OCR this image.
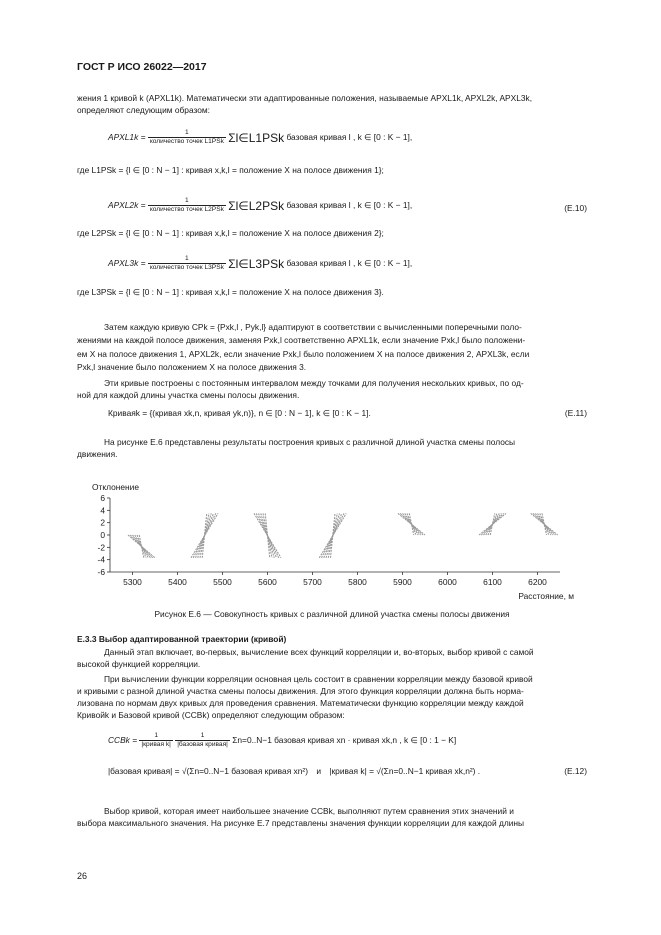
ГОСТ Р ИСО 26022—2017
жения 1 кривой k (APXL1k). Математически эти адаптированные положения, называемые APXL1k, APXL2k, APXL3k,
определяют следующим образом:
APXL1k = $\frac{1}{\text{количество точек L1PSk}}$ Σl∈L1PSk базовая кривая l , k ∈ [0 : K − 1],
где L1PSk = {l ∈ [0 : N − 1] : кривая x,k,l = положение X на полосе движения 1};
APXL2k = $\frac{1}{\text{количество точек L2PSk}}$ Σl∈L2PSk базовая кривая l , k ∈ [0 : K − 1],	(E.10)
где L2PSk = {l ∈ [0 : N − 1] : кривая x,k,l = положение X на полосе движения 2};
APXL3k = $\frac{1}{\text{количество точек L3PSk}}$ Σl∈L3PSk базовая кривая l , k ∈ [0 : K − 1],
где L3PSk = {l ∈ [0 : N − 1] : кривая x,k,l = положение X на полосе движения 3}.
Затем каждую кривую CPk = {Pxk,l , Pyk,l} адаптируют в соответствии с вычисленными поперечными поло-
жениями на каждой полосе движения, заменяя Pxk,l соответственно APXL1k, если значение Pxk,l было положени-
ем X на полосе движения 1, APXL2k, если значение Pxk,l было положением X на полосе движения 2, APXL3k, если
Pxk,l значение было положением X на полосе движения 3.
Эти кривые построены с постоянным интервалом между точками для получения нескольких кривых, по од-
ной для каждой длины участка смены полосы движения.
Криваяk = {(кривая xk,n, кривая yk,n)}, n ∈ [0 : N − 1], k ∈ [0 : K − 1].	(E.11)
На рисунке E.6 представлены результаты построения кривых с различной длиной участка смены полосы
движения.
Отклонение
6
4
2
0
-2
-4
-6
5300	5400	5500	5600	5700	5800	5900	6000	6100	6200
Расстояние, м
Рисунок E.6 — Совокупность кривых с различной длиной участка смены полосы движения
E.3.3 Выбор адаптированной траектории (кривой)
Данный этап включает, во-первых, вычисление всех функций корреляции и, во-вторых, выбор кривой с самой
высокой функцией корреляции.
При вычислении функции корреляции основная цель состоит в сравнении корреляции между базовой кривой
и кривыми с разной длиной участка смены полосы движения. Для этого функция корреляции должна быть норма-
лизована по нормам двух кривых для проведения сравнения. Математически функцию корреляции между каждой
Кривойk и Базовой кривой (CCBk) определяют следующим образом:
CCBk = $\frac{1}{\text{|кривая k|}}$
$\frac{1}{\text{|базовая кривая|}} \Sigma n=0..N-1$ базовая кривая xn · кривая xk,n , k ∈ [0 : 1 − K]
|базовая кривая| = √(Σn=0..N−1 базовая кривая xn²) и |кривая k| = √(Σn=0..N−1 кривая xk,n²) .	(E.12)
Выбор кривой, которая имеет наибольшее значение CCBk, выполняют путем сравнения этих значений и
выбора максимального значения. На рисунке E.7 представлены значения функции корреляции для каждой длины
26
